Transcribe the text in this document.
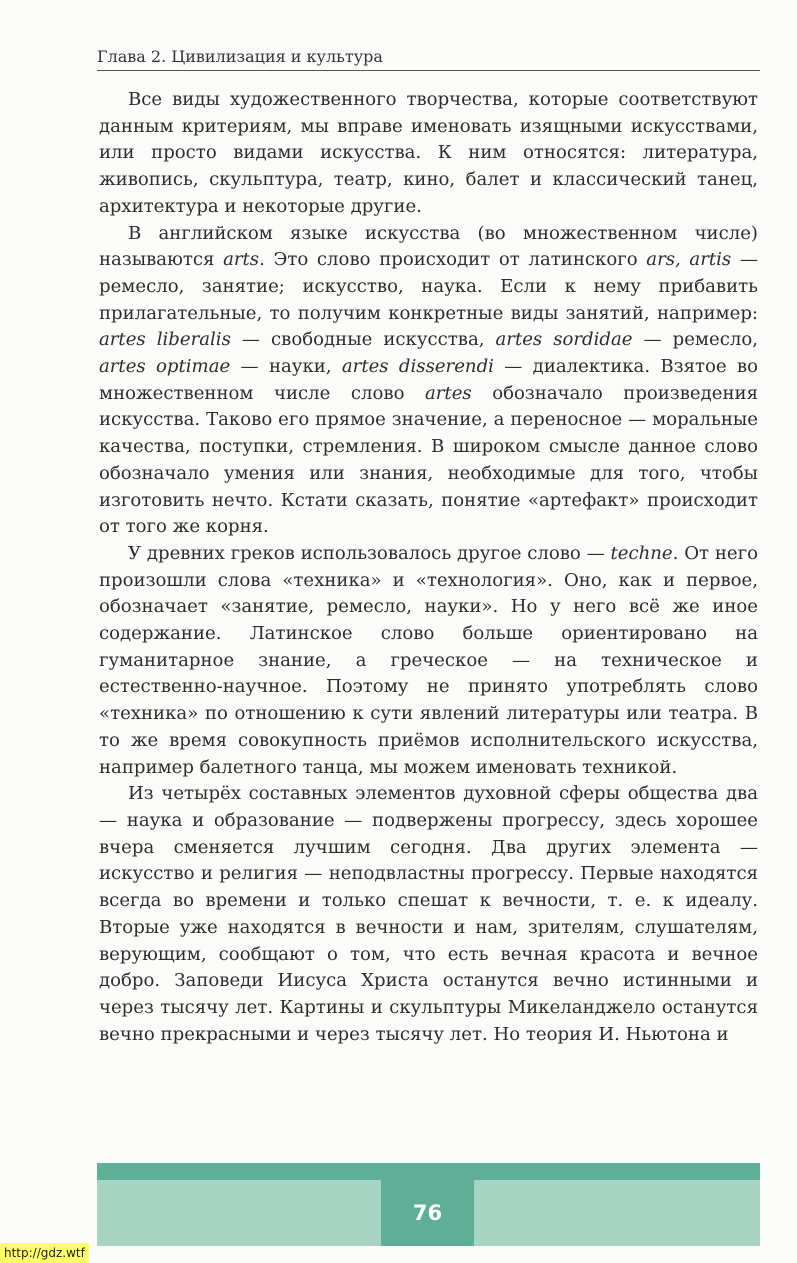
Глава 2. Цивилизация и культура

Все виды художественного творчества, которые соответствуют данным критериям, мы вправе именовать изящными искусствами, или просто видами искусства. К ним относятся: литература, живопись, скульптура, театр, кино, балет и классический танец, архитектура и некоторые другие.

В английском языке искусства (во множественном числе) называются arts. Это слово происходит от латинского ars, artis — ремесло, занятие; искусство, наука. Если к нему прибавить прилагательные, то получим конкретные виды занятий, например: artes liberalis — свободные искусства, artes sordidae — ремесло, artes optimae — науки, artes disserendi — диалектика. Взятое во множественном числе слово artes обозначало произведения искусства. Таково его прямое значение, а переносное — моральные качества, поступки, стремления. В широком смысле данное слово обозначало умения или знания, необходимые для того, чтобы изготовить нечто. Кстати сказать, понятие «артефакт» происходит от того же корня.

У древних греков использовалось другое слово — techne. От него произошли слова «техника» и «технология». Оно, как и первое, обозначает «занятие, ремесло, науки». Но у него всё же иное содержание. Латинское слово больше ориентировано на гуманитарное знание, а греческое — на техническое и естественно-научное. Поэтому не принято употреблять слово «техника» по отношению к сути явлений литературы или театра. В то же время совокупность приёмов исполнительского искусства, например балетного танца, мы можем именовать техникой.

Из четырёх составных элементов духовной сферы общества два — наука и образование — подвержены прогрессу, здесь хорошее вчера сменяется лучшим сегодня. Два других элемента — искусство и религия — неподвластны прогрессу. Первые находятся всегда во времени и только спешат к вечности, т. е. к идеалу. Вторые уже находятся в вечности и нам, зрителям, слушателям, верующим, сообщают о том, что есть вечная красота и вечное добро. Заповеди Иисуса Христа останутся вечно истинными и через тысячу лет. Картины и скульптуры Микеланджело останутся вечно прекрасными и через тысячу лет. Но теория И. Ньютона и

76
http://gdz.wtf
